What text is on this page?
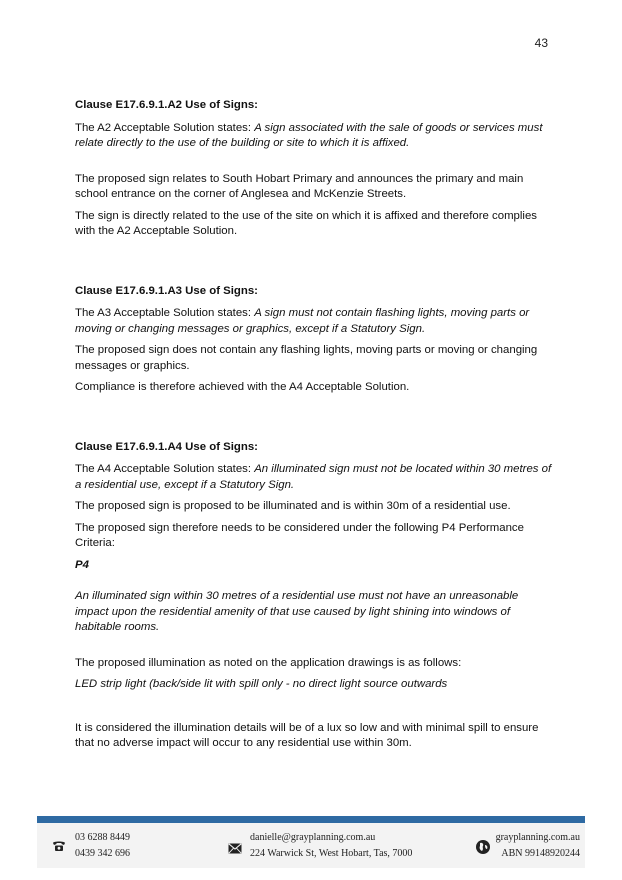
43

Clause E17.6.9.1.A2 Use of Signs:

The A2 Acceptable Solution states: A sign associated with the sale of goods or services must relate directly to the use of the building or site to which it is affixed.

The proposed sign relates to South Hobart Primary and announces the primary and main school entrance on the corner of Anglesea and McKenzie Streets.

The sign is directly related to the use of the site on which it is affixed and therefore complies with the A2 Acceptable Solution.

Clause E17.6.9.1.A3 Use of Signs:

The A3 Acceptable Solution states: A sign must not contain flashing lights, moving parts or moving or changing messages or graphics, except if a Statutory Sign.

The proposed sign does not contain any flashing lights, moving parts or moving or changing messages or graphics.

Compliance is therefore achieved with the A4 Acceptable Solution.

Clause E17.6.9.1.A4 Use of Signs:

The A4 Acceptable Solution states: An illuminated sign must not be located within 30 metres of a residential use, except if a Statutory Sign.

The proposed sign is proposed to be illuminated and is within 30m of a residential use.

The proposed sign therefore needs to be considered under the following P4 Performance Criteria:

P4

An illuminated sign within 30 metres of a residential use must not have an unreasonable impact upon the residential amenity of that use caused by light shining into windows of habitable rooms.

The proposed illumination as noted on the application drawings is as follows:

LED strip light (back/side lit with spill only - no direct light source outwards

It is considered the illumination details will be of a lux so low and with minimal spill to ensure that no adverse impact will occur to any residential use within 30m.

03 6288 8449
0439 342 696
danielle@grayplanning.com.au
224 Warwick St, West Hobart, Tas, 7000
grayplanning.com.au
ABN 99148920244
